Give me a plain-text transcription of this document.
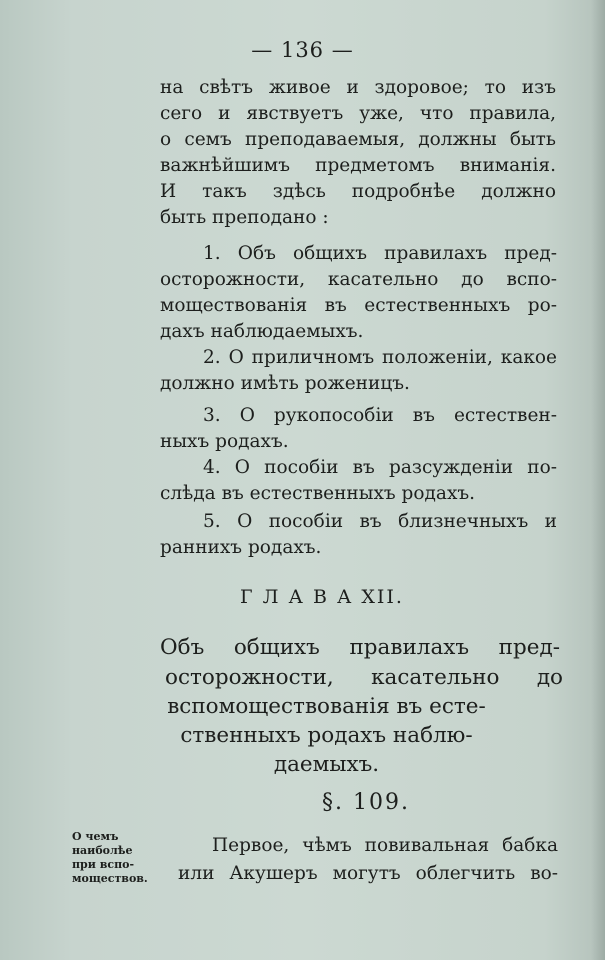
— 136 —
на свѣтъ живое и здоровое; то изъ
сего и явствуетъ уже, что правила,
о семъ преподаваемыя, должны быть
важнѣйшимъ предметомъ вниманія.
И такъ здѣсь подробнѣе должно
быть преподано :
1. Объ общихъ правилахъ пред-
осторожности, касательно до вспо-
моществованія въ естественныхъ ро-
дахъ наблюдаемыхъ.
2. О приличномъ положеніи, какое
должно имѣть роженицъ.
3. О рукопособіи въ естествен-
ныхъ родахъ.
4. О пособіи въ разсужденіи по-
слѣда въ естественныхъ родахъ.
5. О пособіи въ близнечныхъ и
раннихъ родахъ.
Г Л А В А XII.
Объ общихъ правилахъ пред-
осторожности, касательно до
вспомоществованія въ есте-
ственныхъ родахъ наблю-
даемыхъ.
§. 109.
О чемъ
наиболѣе
при вспо-
моществов.
Первое, чѣмъ повивальная бабка
или Акушеръ могутъ облегчить во-
